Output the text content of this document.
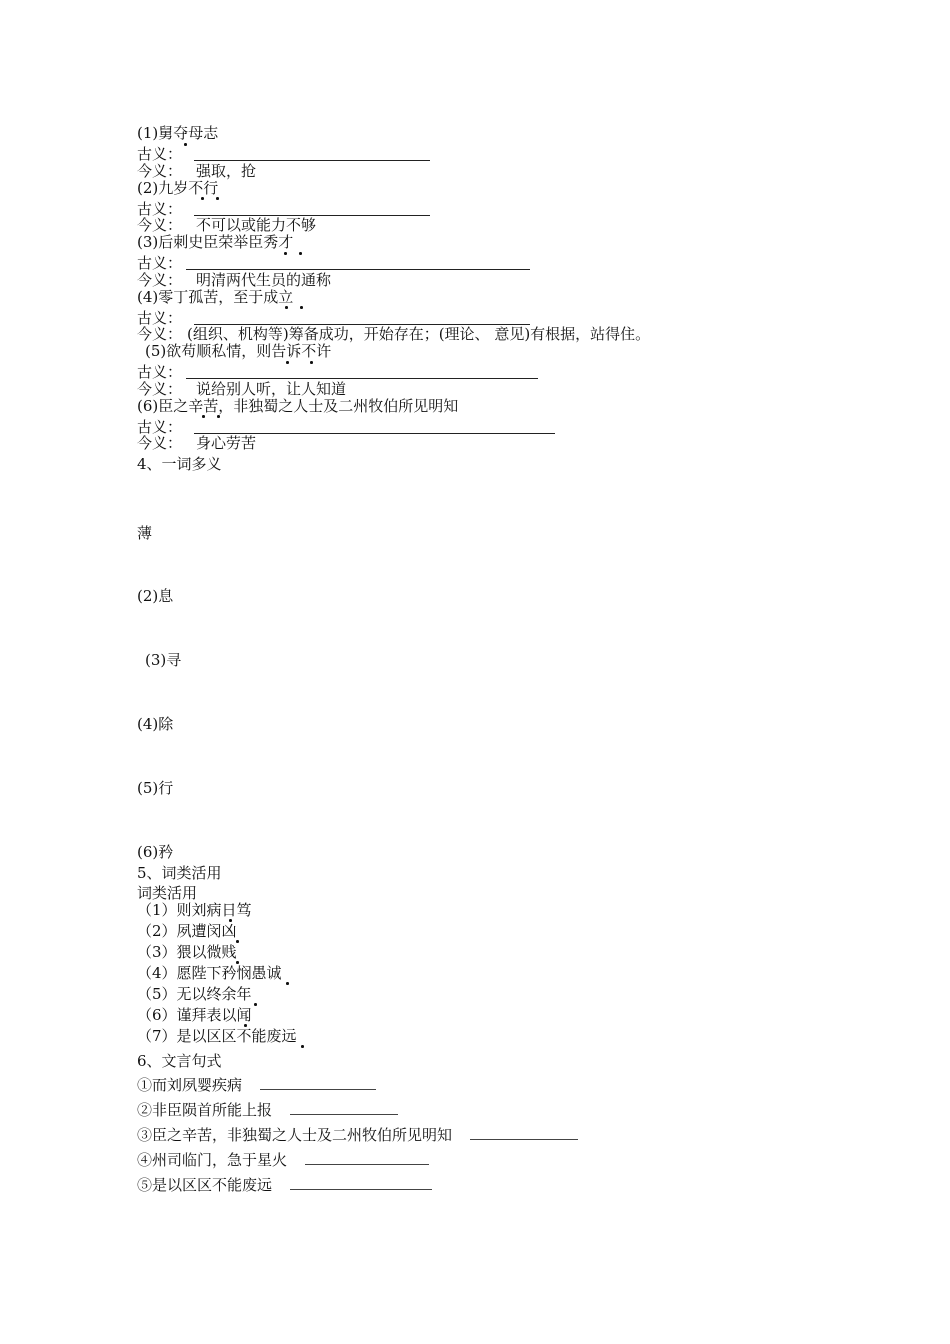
(1)舅夺母志
古义：
今义： 强取，抢
(2)九岁不行
古义：
今义： 不可以或能力不够
(3)后刺史臣荣举臣秀才
古义：
今义： 明清两代生员的通称
(4)零丁孤苦，至于成立
古义：
今义： (组织、机构等)筹备成功，开始存在；(理论、 意见)有根据，站得住。
(5)欲苟顺私情，则告诉不许
古义：
今义： 说给别人听，让人知道
(6)臣之辛苦，非独蜀之人士及二州牧伯所见明知
古义：
今义： 身心劳苦
4、一词多义
薄
(2)息
(3)寻
(4)除
(5)行
(6)矜
5、词类活用
词类活用
（1）则刘病日笃
（2）夙遭闵凶
（3）猥以微贱
（4）愿陛下矜悯愚诚
（5）无以终余年
（6）谨拜表以闻
（7）是以区区不能废远
6、文言句式
①而刘夙婴疾病
②非臣陨首所能上报
③臣之辛苦，非独蜀之人士及二州牧伯所见明知
④州司临门，急于星火
⑤是以区区不能废远
